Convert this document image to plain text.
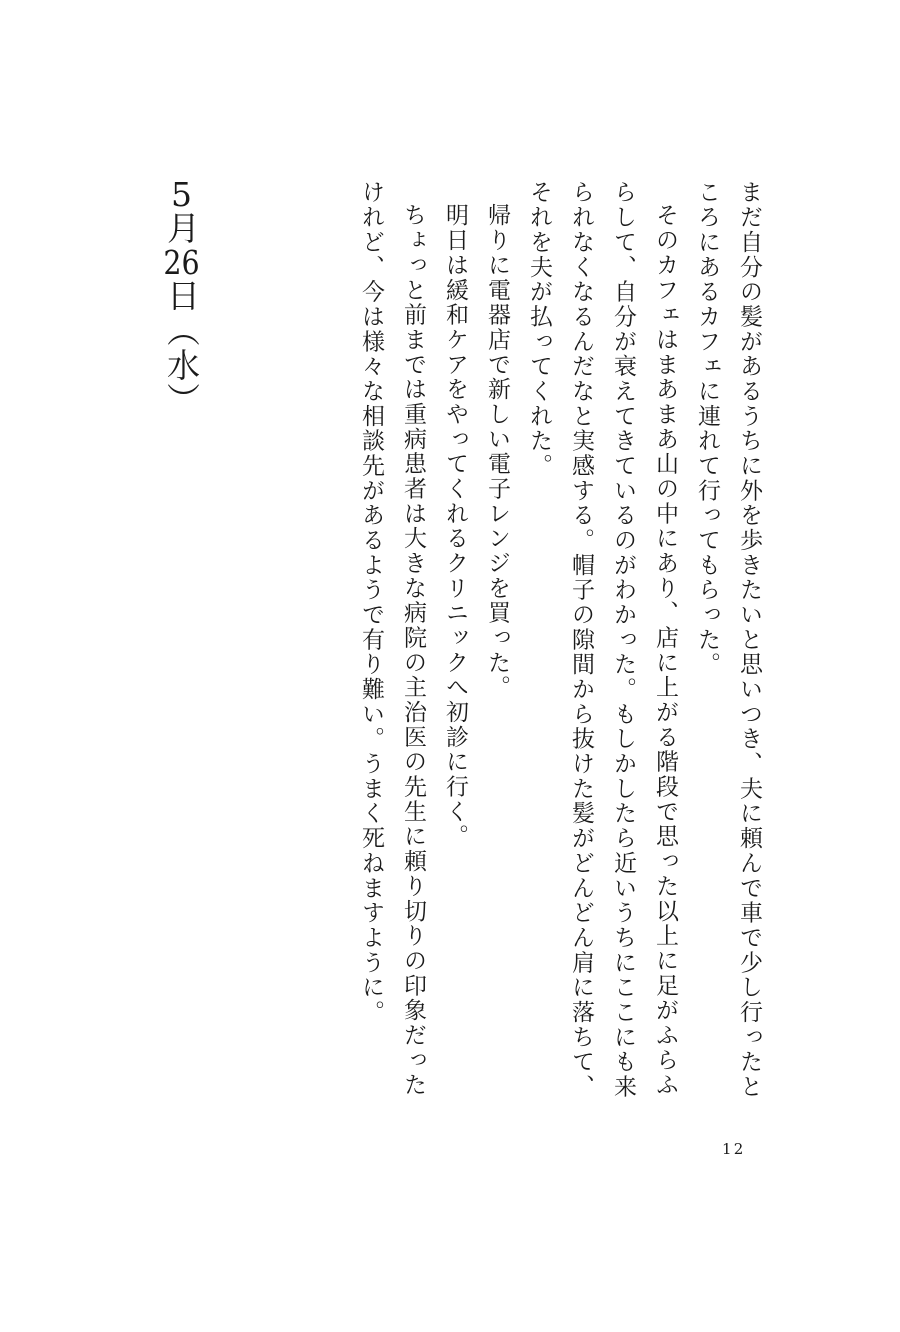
まだ自分の髪があるうちに外を歩きたいと思いつき、夫に頼んで車で少し行ったところにあるカフェに連れて行ってもらった。

そのカフェはまあまあ山の中にあり、店に上がる階段で思った以上に足がふらふらして、自分が衰えてきているのがわかった。もしかしたら近いうちにここにも来られなくなるんだなと実感する。帽子の隙間から抜けた髪がどんどん肩に落ちて、それを夫が払ってくれた。

帰りに電器店で新しい電子レンジを買った。

明日は緩和ケアをやってくれるクリニックへ初診に行く。

ちょっと前までは重病患者は大きな病院の主治医の先生に頼り切りの印象だったけれど、今は様々な相談先があるようで有り難い。うまく死ねますように。

5月26日（水）
12
